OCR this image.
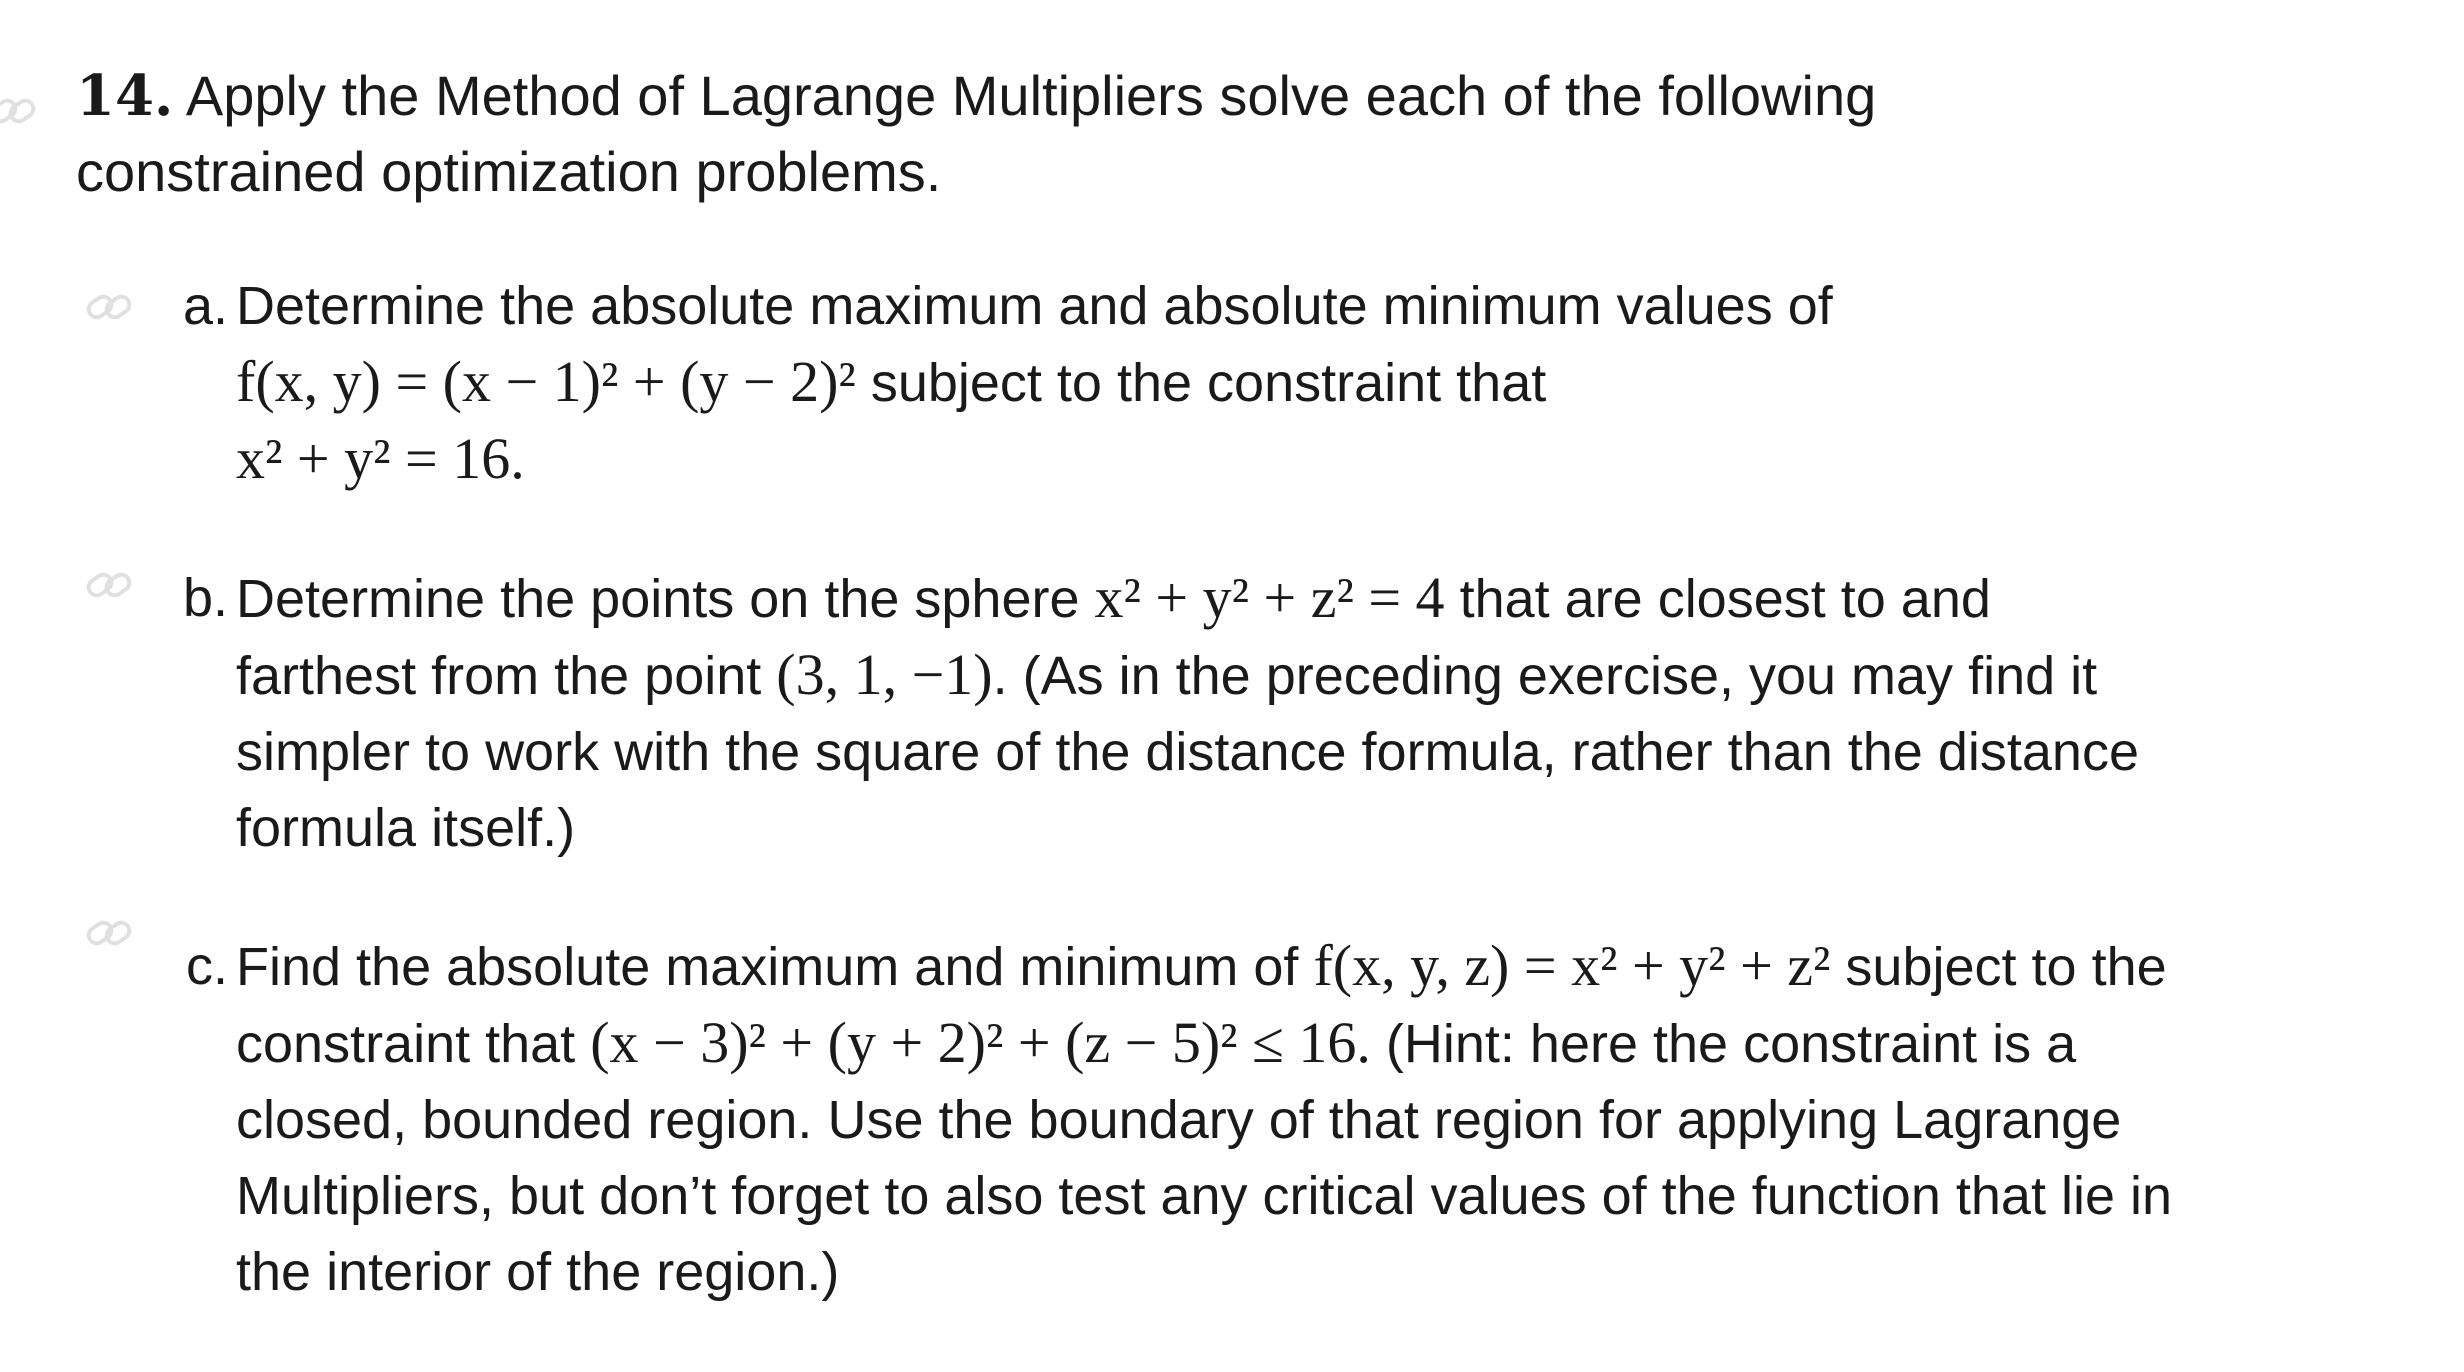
14. Apply the Method of Lagrange Multipliers solve each of the following constrained optimization problems.

a. Determine the absolute maximum and absolute minimum values of
f(x, y) = (x − 1)² + (y − 2)² subject to the constraint that
x² + y² = 16.
b. Determine the points on the sphere x² + y² + z² = 4 that are closest to and farthest from the point (3, 1, −1). (As in the preceding exercise, you may find it simpler to work with the square of the distance formula, rather than the distance formula itself.)
c. Find the absolute maximum and minimum of f(x, y, z) = x² + y² + z² subject to the constraint that (x − 3)² + (y + 2)² + (z − 5)² ≤ 16. (Hint: here the constraint is a closed, bounded region. Use the boundary of that region for applying Lagrange Multipliers, but don’t forget to also test any critical values of the function that lie in the interior of the region.)
